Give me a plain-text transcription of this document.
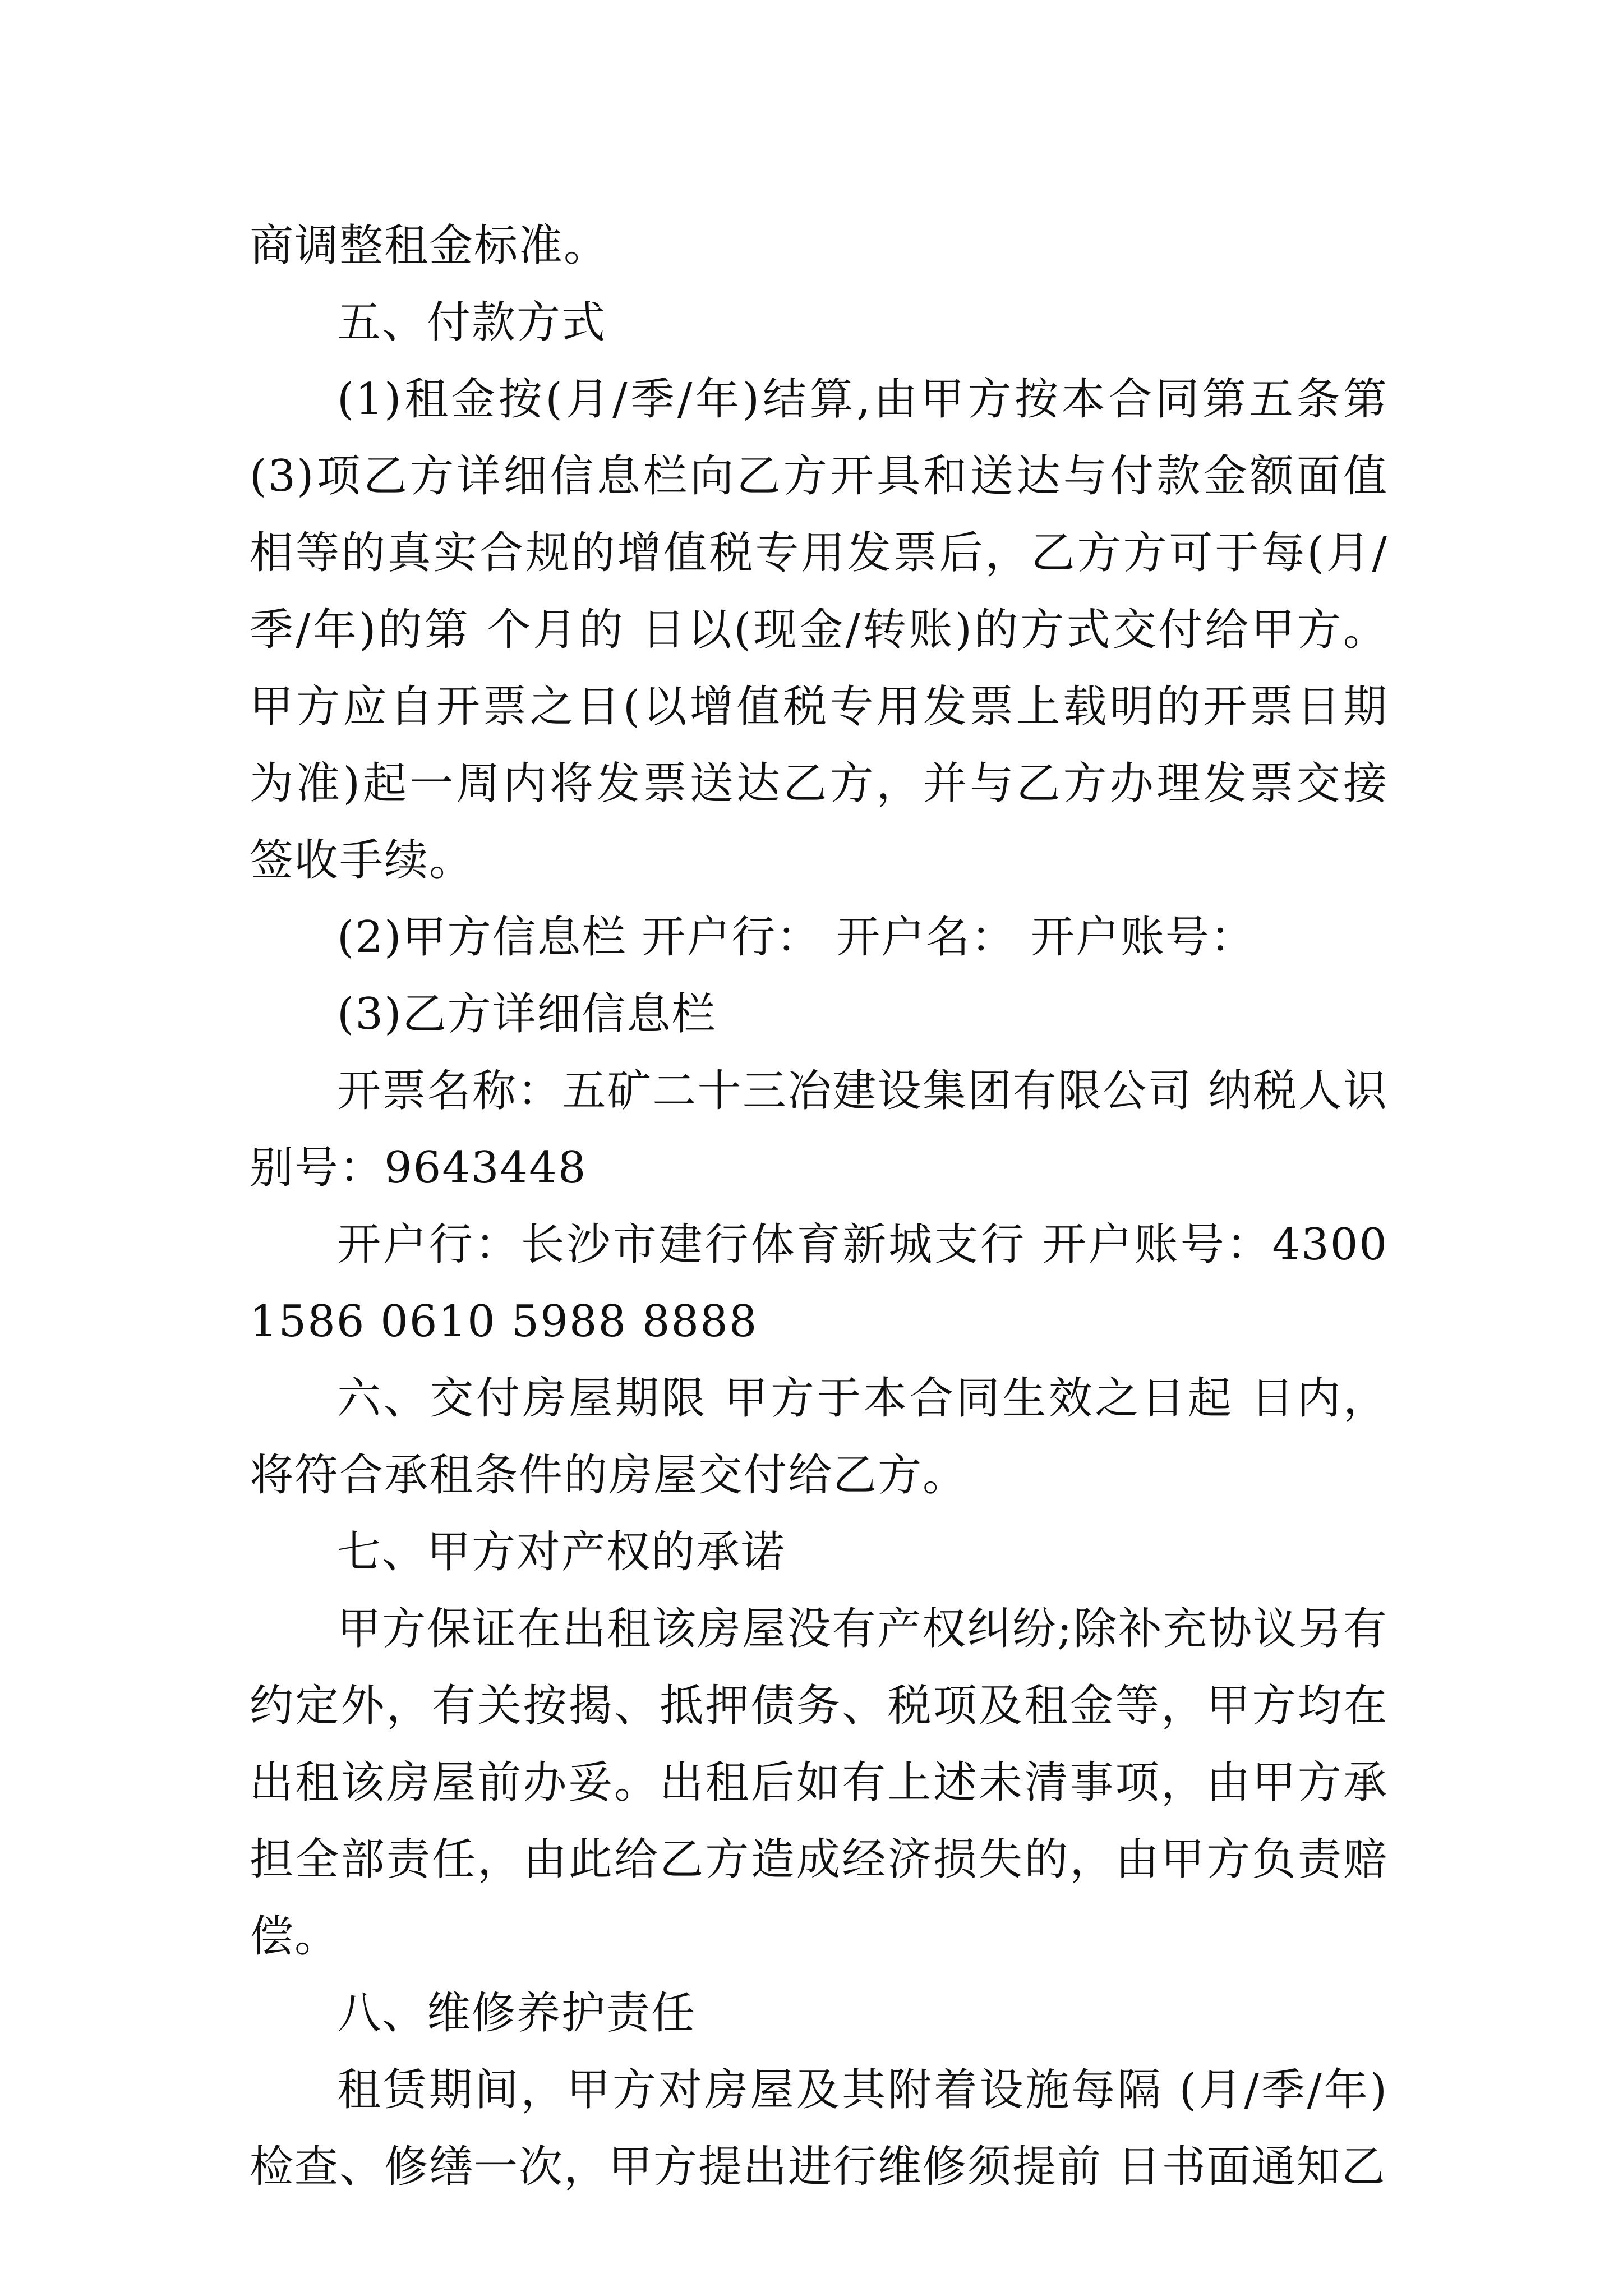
商调整租金标准。

五、付款方式

(1)租金按(月/季/年)结算,由甲方按本合同第五条第(3)项乙方详细信息栏向乙方开具和送达与付款金额面值相等的真实合规的增值税专用发票后，乙方方可于每(月/季/年)的第 个月的 日以(现金/转账)的方式交付给甲方。 甲方应自开票之日(以增值税专用发票上载明的开票日期为准)起一周内将发票送达乙方，并与乙方办理发票交接签收手续。

(2)甲方信息栏 开户行： 开户名： 开户账号：

(3)乙方详细信息栏

开票名称：五矿二十三冶建设集团有限公司 纳税人识别号：9643448

开户行：长沙市建行体育新城支行 开户账号：4300 1586 0610 5988 8888

六、交付房屋期限 甲方于本合同生效之日起 日内，将符合承租条件的房屋交付给乙方。

七、甲方对产权的承诺

甲方保证在出租该房屋没有产权纠纷;除补充协议另有约定外，有关按揭、抵押债务、税项及租金等，甲方均在出租该房屋前办妥。出租后如有上述未清事项，由甲方承担全部责任，由此给乙方造成经济损失的，由甲方负责赔偿。

八、维修养护责任

租赁期间，甲方对房屋及其附着设施每隔 (月/季/年)检查、修缮一次，甲方提出进行维修须提前 日书面通知乙
